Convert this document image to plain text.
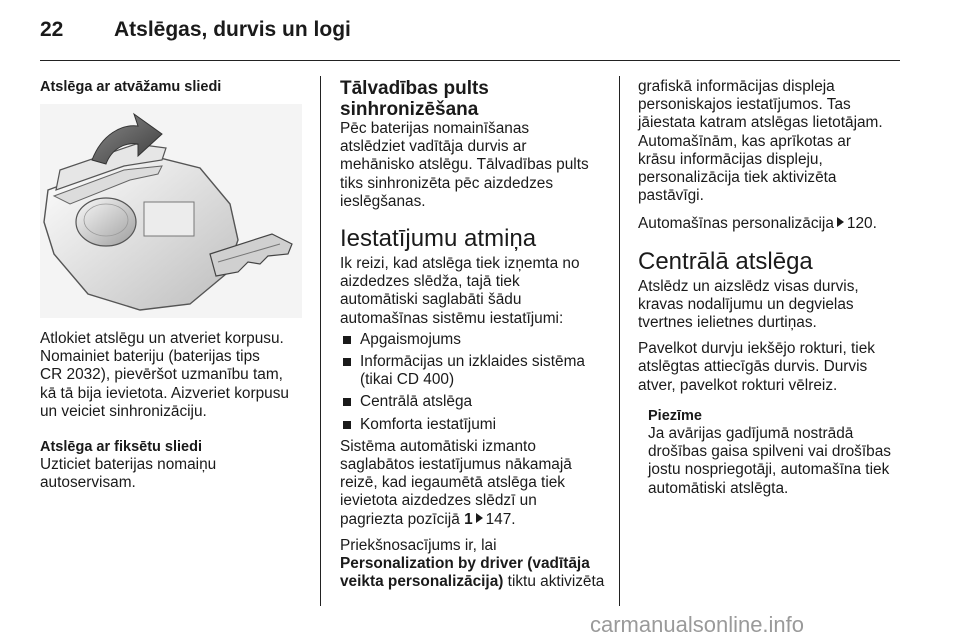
22 Atslēgas, durvis un logi

Atslēga ar atvāžamu sliedi

Atlokiet atslēgu un atveriet korpusu.
Nomainiet bateriju (baterijas tips
CR 2032), pievēršot uzmanību tam,
kā tā bija ievietota. Aizveriet korpusu
un veiciet sinhronizāciju.

Atslēga ar fiksētu sliedi

Uzticiet baterijas nomaiņu
autoservisam.

Tālvadības pults
sinhronizēšana

Pēc baterijas nomainīšanas
atslēdziet vadītāja durvis ar
mehānisko atslēgu. Tālvadības pults
tiks sinhronizēta pēc aizdedzes
ieslēgšanas.

Iestatījumu atmiņa

Ik reizi, kad atslēga tiek izņemta no
aizdedzes slēdža, tajā tiek
automātiski saglabāti šādu
automašīnas sistēmu iestatījumi:

Apgaismojums

Informācijas un izklaides sistēma
(tikai CD 400)

Centrālā atslēga

Komforta iestatījumi

Sistēma automātiski izmanto
saglabātos iestatījumus nākamajā
reizē, kad iegaumētā atslēga tiek
ievietota aizdedzes slēdzī un
pagriezta pozīcijā 1 147.

Priekšnosacījums ir, lai
Personalization by driver (vadītāja
veikta personalizācija) tiktu aktivizēta

grafiskā informācijas displeja
personiskajos iestatījumos. Tas
jāiestata katram atslēgas lietotājam.
Automašīnām, kas aprīkotas ar
krāsu informācijas displeju,
personalizācija tiek aktivizēta
pastāvīgi.

Automašīnas personalizācija 120.

Centrālā atslēga

Atslēdz un aizslēdz visas durvis,
kravas nodalījumu un degvielas
tvertnes ielietnes durtiņas.

Pavelkot durvju iekšējo rokturi, tiek
atslēgtas attiecīgās durvis. Durvis
atver, pavelkot rokturi vēlreiz.

Piezīme

Ja avārijas gadījumā nostrādā
drošības gaisa spilveni vai drošības
jostu nospriegotāji, automašīna tiek
automātiski atslēgta.

carmanualsonline.info
